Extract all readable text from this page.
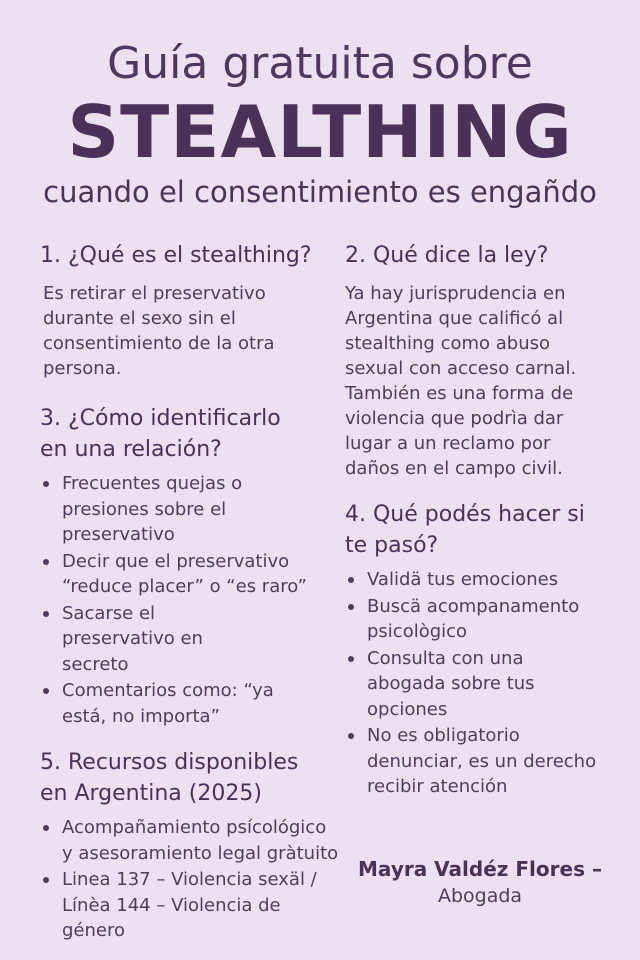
Guía gratuita sobre
STEALTHING
cuando el consentimiento es engañdo
1. ¿Qué es el stealthing?

Es retirar el preservativo durante el sexo sin el consentimiento de la otra persona.

3. ¿Cómo identificarlo en una relación?
Frecuentes quejas o presiones sobre el preservativo
Decir que el preservativo “reduce placer” o “es raro”
Sacarse el preservativo en secreto
Comentarios como: “ya está, no importa”
5. Recursos disponibles en Argentina (2025)
Acompañamiento psícológico y asesoramiento legal gràtuito
Linea 137 – Violencia sexäl / Línèa 144 – Violencia de género
2. Qué dice la ley?

Ya hay jurisprudencia en Argentina que calificó al stealthing como abuso sexual con acceso carnal. También es una forma de violencia que podrìa dar lugar a un reclamo por daños en el campo civil.

4. Qué podés hacer si te pasó?
Validä tus emociones
Buscä acompanamento psicològico
Consulta con una abogada sobre tus opciones
No es obligatorio denunciar, es un derecho recibir atención
Mayra Valdéz Flores –
Abogada
